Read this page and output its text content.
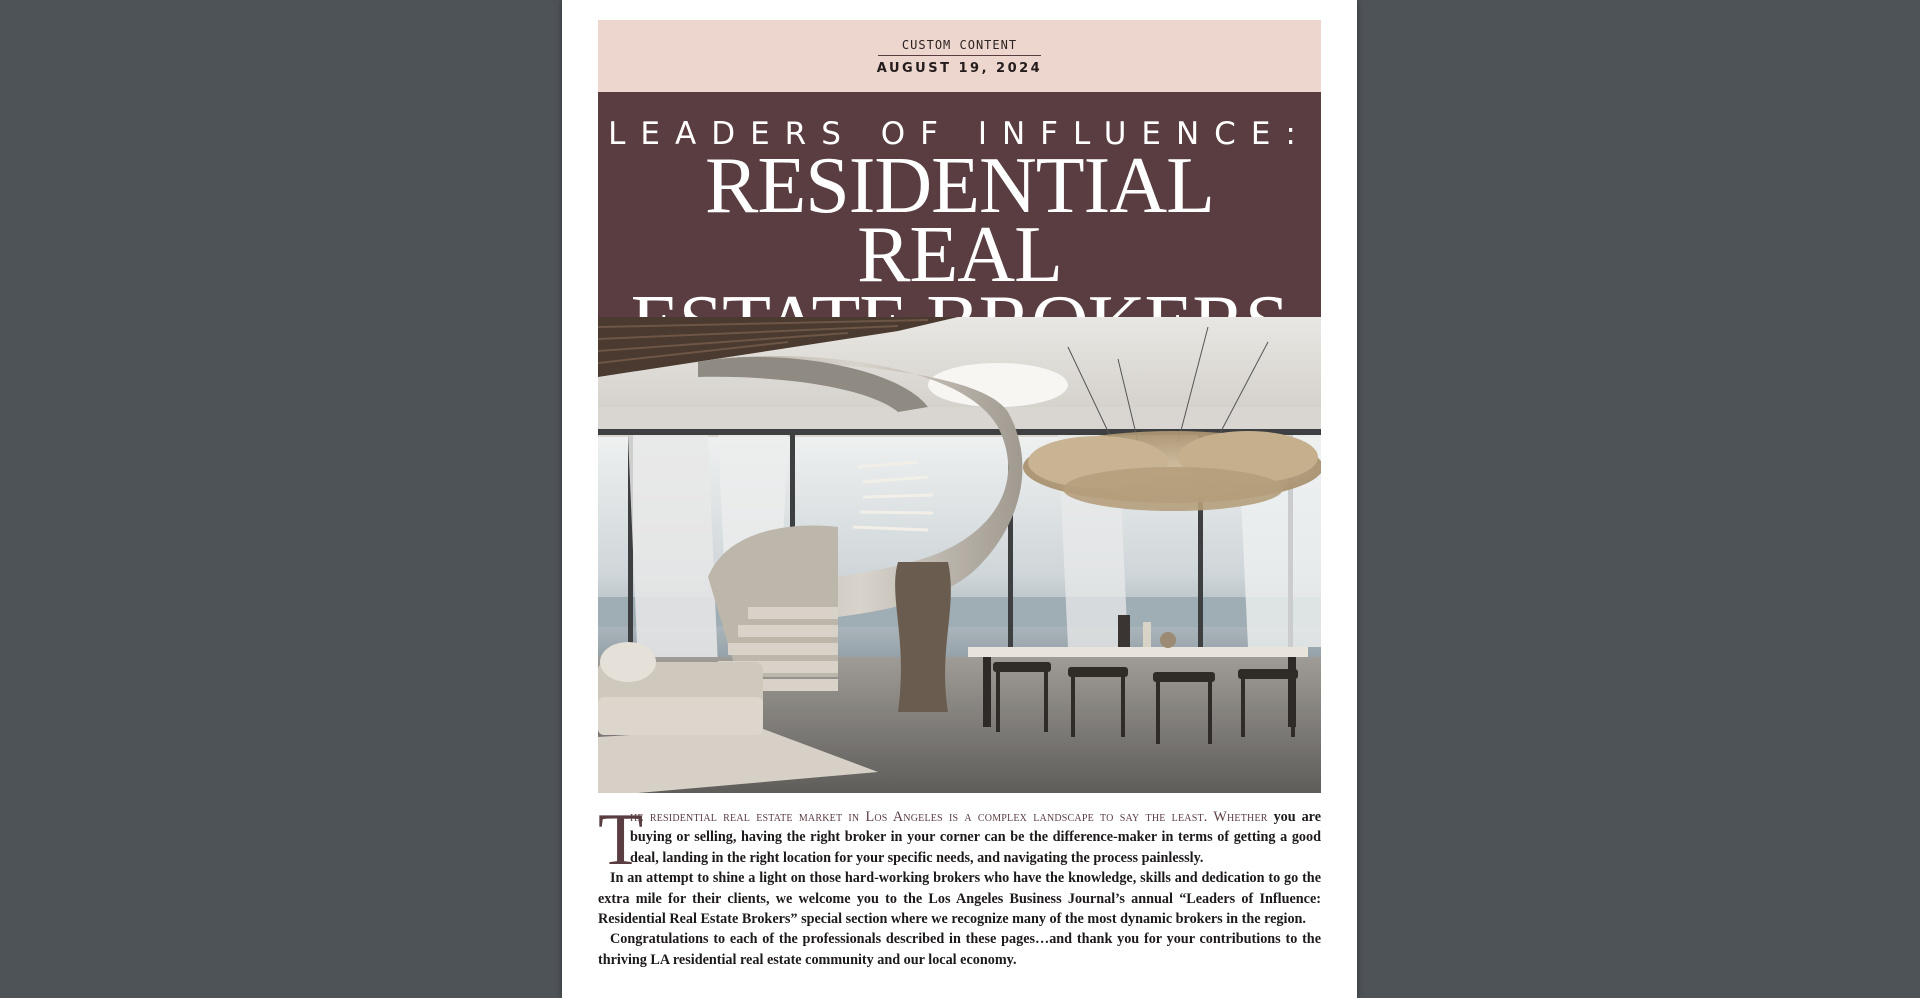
CUSTOM CONTENT
AUGUST 19, 2024
LEADERS OF INFLUENCE:
RESIDENTIAL REAL

T
he residential real estate market in Los Angeles is a complex landscape to say the least. Whether you are buying or selling, having the right broker in your corner can be the difference-maker in terms of getting a good deal, landing in the right location for your specific needs, and navigating the process painlessly.

In an attempt to shine a light on those hard-working brokers who have the knowledge, skills and dedication to go the extra mile for their clients, we welcome you to the Los Angeles Business Journal’s annual “Leaders of Influence: Residential Real Estate Brokers” special section where we recognize many of the most dynamic brokers in the region.

Congratulations to each of the professionals described in these pages…and thank you for your contributions to the thriving LA residential real estate community and our local economy.
